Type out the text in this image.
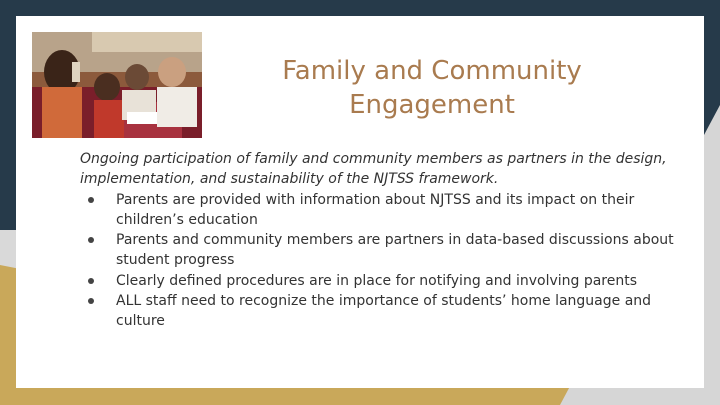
Family and Community
Engagement

Ongoing participation of family and community members as partners in the design, implementation, and sustainability of the NJTSS framework.

Parents are provided with information about NJTSS and its impact on their children’s education
Parents and community members are partners in data-based discussions about student progress
Clearly defined procedures are in place for notifying and involving parents
ALL staff need to recognize the importance of students’ home language and culture
